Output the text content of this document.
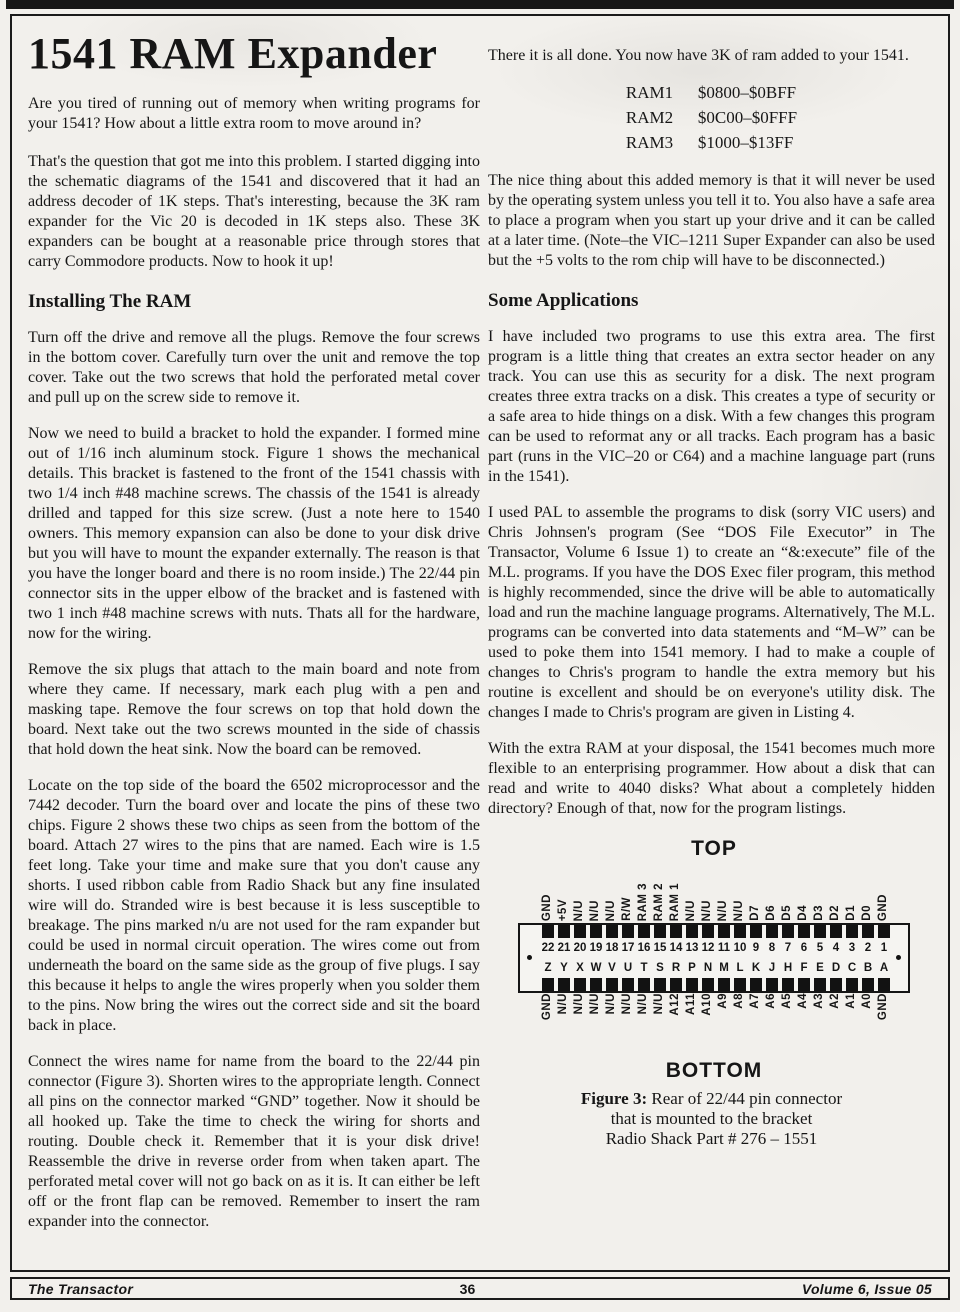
1541 RAM Expander

Are you tired of running out of memory when writing programs for your 1541? How about a little extra room to move around in?

That's the question that got me into this problem. I started digging into the schematic diagrams of the 1541 and discovered that it had an address decoder of 1K steps. That's interesting, because the 3K ram expander for the Vic 20 is decoded in 1K steps also. These 3K expanders can be bought at a reasonable price through stores that carry Commodore products. Now to hook it up!

Installing The RAM

Turn off the drive and remove all the plugs. Remove the four screws in the bottom cover. Carefully turn over the unit and remove the top cover. Take out the two screws that hold the perforated metal cover and pull up on the screw side to remove it.

Now we need to build a bracket to hold the expander. I formed mine out of 1/16 inch aluminum stock. Figure 1 shows the mechanical details. This bracket is fastened to the front of the 1541 chassis with two 1/4 inch #48 machine screws. The chassis of the 1541 is already drilled and tapped for this size screw. (Just a note here to 1540 owners. This memory expansion can also be done to your disk drive but you will have to mount the expander externally. The reason is that you have the longer board and there is no room inside.) The 22/44 pin connector sits in the upper elbow of the bracket and is fastened with two 1 inch #48 machine screws with nuts. Thats all for the hardware, now for the wiring.

Remove the six plugs that attach to the main board and note from where they came. If necessary, mark each plug with a pen and masking tape. Remove the four screws on top that hold down the board. Next take out the two screws mounted in the side of chassis that hold down the heat sink. Now the board can be removed.

Locate on the top side of the board the 6502 microprocessor and the 7442 decoder. Turn the board over and locate the pins of these two chips. Figure 2 shows these two chips as seen from the bottom of the board. Attach 27 wires to the pins that are named. Each wire is 1.5 feet long. Take your time and make sure that you don't cause any shorts. I used ribbon cable from Radio Shack but any fine insulated wire will do. Stranded wire is best because it is less susceptible to breakage. The pins marked n/u are not used for the ram expander but could be used in normal circuit operation. The wires come out from underneath the board on the same side as the group of five plugs. I say this because it helps to angle the wires properly when you solder them to the pins. Now bring the wires out the correct side and sit the board back in place.

Connect the wires name for name from the board to the 22/44 pin connector (Figure 3). Shorten wires to the appropriate length. Connect all pins on the connector marked “GND” together. Now it should be all hooked up. Take the time to check the wiring for shorts and routing. Double check it. Remember that it is your disk drive! Reassemble the drive in reverse order from when taken apart. The perforated metal cover will not go back on as it is. It can either be left off or the front flap can be removed. Remember to insert the ram expander into the connector.

There it is all done. You now have 3K of ram added to your 1541.

RAM1 $0800–$0BFF
RAM2 $0C00–$0FFF
RAM3 $1000–$13FF

The nice thing about this added memory is that it will never be used by the operating system unless you tell it to. You also have a safe area to place a program when you start up your drive and it can be called at a later time. (Note–the VIC–1211 Super Expander can also be used but the +5 volts to the rom chip will have to be disconnected.)

Some Applications

I have included two programs to use this extra area. The first program is a little thing that creates an extra sector header on any track. You can use this as security for a disk. The next program creates three extra tracks on a disk. This creates a type of security or a safe area to hide things on a disk. With a few changes this program can be used to reformat any or all tracks. Each program has a basic part (runs in the VIC–20 or C64) and a machine language part (runs in the 1541).

I used PAL to assemble the programs to disk (sorry VIC users) and Chris Johnsen's program (See “DOS File Executor” in The Transactor, Volume 6 Issue 1) to create an “&:execute” file of the M.L. programs. If you have the DOS Exec filer program, this method is highly recommended, since the drive will be able to automatically load and run the machine language programs. Alternatively, The M.L. programs can be converted into data statements and “M–W” can be used to poke them into 1541 memory. I had to make a couple of changes to Chris's program to handle the extra memory but his routine is excellent and should be on everyone's utility disk. The changes I made to Chris's program are given in Listing 4.

With the extra RAM at your disposal, the 1541 becomes much more flexible to an enterprising programmer. How about a disk that can read and write to 4040 disks? What about a completely hidden directory? Enough of that, now for the program listings.

TOP
GND +5V N/U N/U N/U R/W RAM 3 RAM 2 RAM 1 N/U N/U N/U N/U D7 D6 D5 D4 D3 D2 D1 D0 GND
22 21 20 19 18 17 16 15 14 13 12 11 10 9 8 7 6 5 4 3 2 1
Z Y X W V U T S R P N M L K J H F E D C B A
GND N/U N/U N/U N/U N/U N/U N/U A12 A11 A10 A9 A8 A7 A6 A5 A4 A3 A2 A1 A0 GND
BOTTOM
Figure 3: Rear of 22/44 pin connector
that is mounted to the bracket
Radio Shack Part # 276 – 1551
The Transactor	36	Volume 6, Issue 05
